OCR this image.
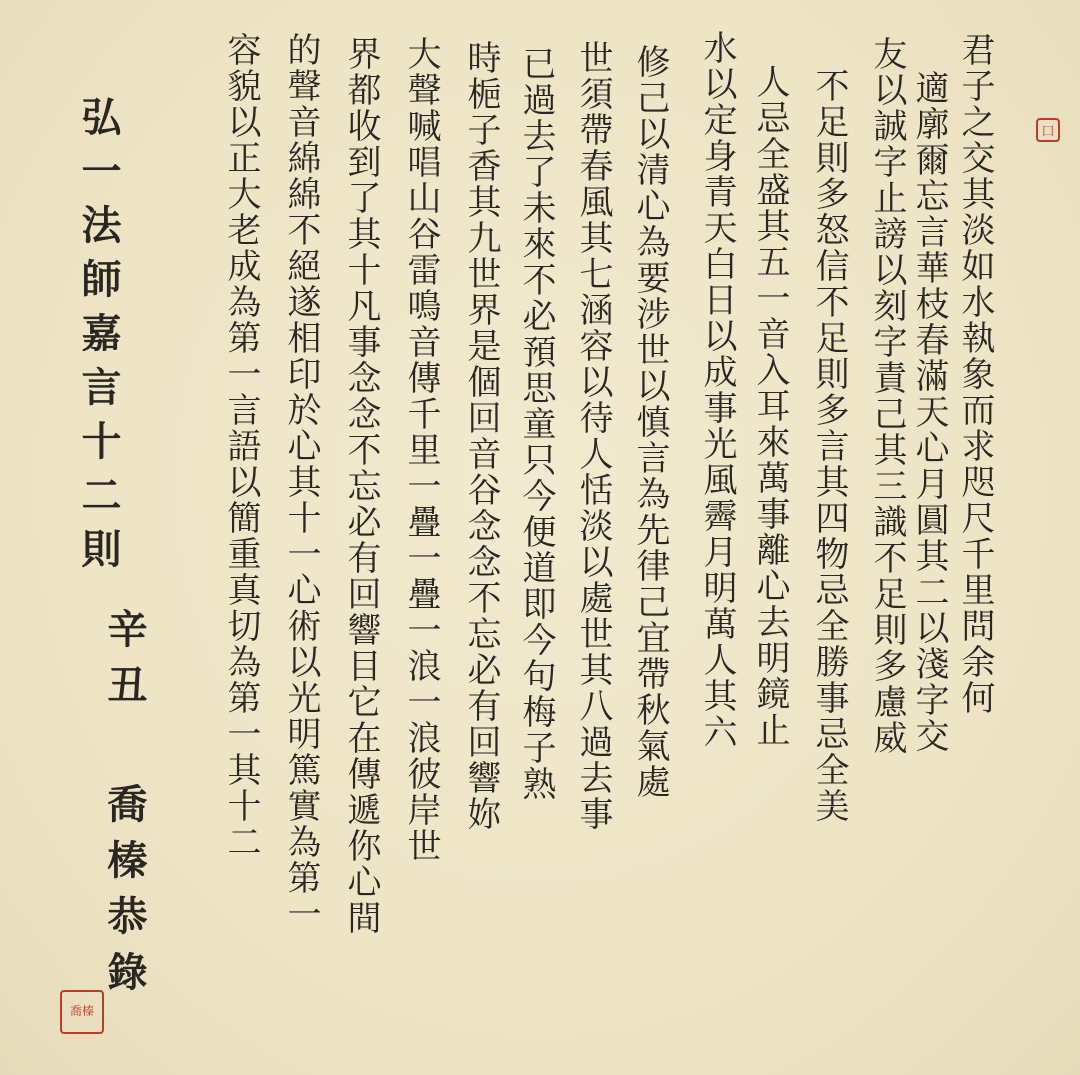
君子之交其淡如水執象而求咫尺千里問余何
適廓爾忘言華枝春滿天心月圓其二以淺字交
友以誠字止謗以刻字責己其三識不足則多慮威
不足則多怒信不足則多言其四物忌全勝事忌全美
人忌全盛其五一音入耳來萬事離心去明鏡止
水以定身青天白日以成事光風霽月明萬人其六
修己以清心為要涉世以慎言為先律己宜帶秋氣處
世須帶春風其七涵容以待人恬淡以處世其八過去事
已過去了未來不必預思童只今便道即今句梅子熟
時梔子香其九世界是個回音谷念念不忘必有回響妳
大聲喊唱山谷雷鳴音傳千里一疊一疊一浪一浪彼岸世
界都收到了其十凡事念念不忘必有回響目它在傳遞你心間
的聲音綿綿不絕遂相印於心其十一心術以光明篤實為第一
容貌以正大老成為第一言語以簡重真切為第一其十二
弘一法師嘉言十二則
辛丑 喬榛恭錄
囗
喬榛
